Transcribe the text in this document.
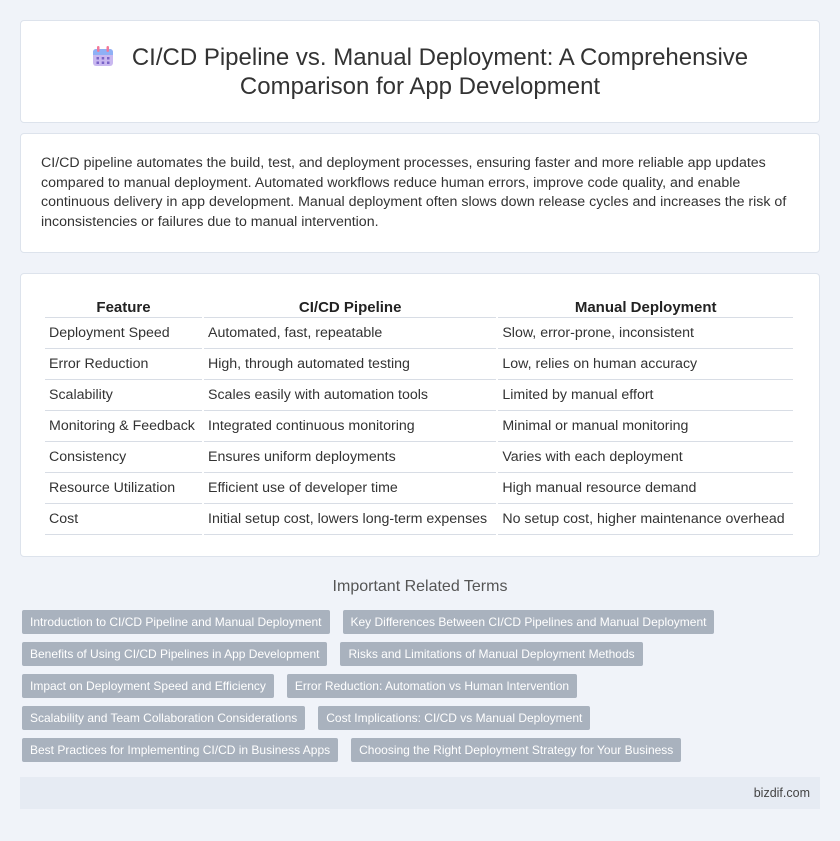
CI/CD Pipeline vs. Manual Deployment: A Comprehensive
Comparison for App Development

CI/CD pipeline automates the build, test, and deployment processes, ensuring faster and more reliable app updates compared to manual deployment. Automated workflows reduce human errors, improve code quality, and enable continuous delivery in app development. Manual deployment often slows down release cycles and increases the risk of inconsistencies or failures due to manual intervention.

Feature	CI/CD Pipeline	Manual Deployment
Deployment Speed	Automated, fast, repeatable	Slow, error-prone, inconsistent
Error Reduction	High, through automated testing	Low, relies on human accuracy
Scalability	Scales easily with automation tools	Limited by manual effort
Monitoring & Feedback	Integrated continuous monitoring	Minimal or manual monitoring
Consistency	Ensures uniform deployments	Varies with each deployment
Resource Utilization	Efficient use of developer time	High manual resource demand
Cost	Initial setup cost, lowers long-term expenses	No setup cost, higher maintenance overhead
Important Related Terms
Introduction to CI/CD Pipeline and Manual Deployment	Key Differences Between CI/CD Pipelines and Manual Deployment
Benefits of Using CI/CD Pipelines in App Development	Risks and Limitations of Manual Deployment Methods
Impact on Deployment Speed and Efficiency	Error Reduction: Automation vs Human Intervention
Scalability and Team Collaboration Considerations	Cost Implications: CI/CD vs Manual Deployment
Best Practices for Implementing CI/CD in Business Apps	Choosing the Right Deployment Strategy for Your Business
bizdif.com
